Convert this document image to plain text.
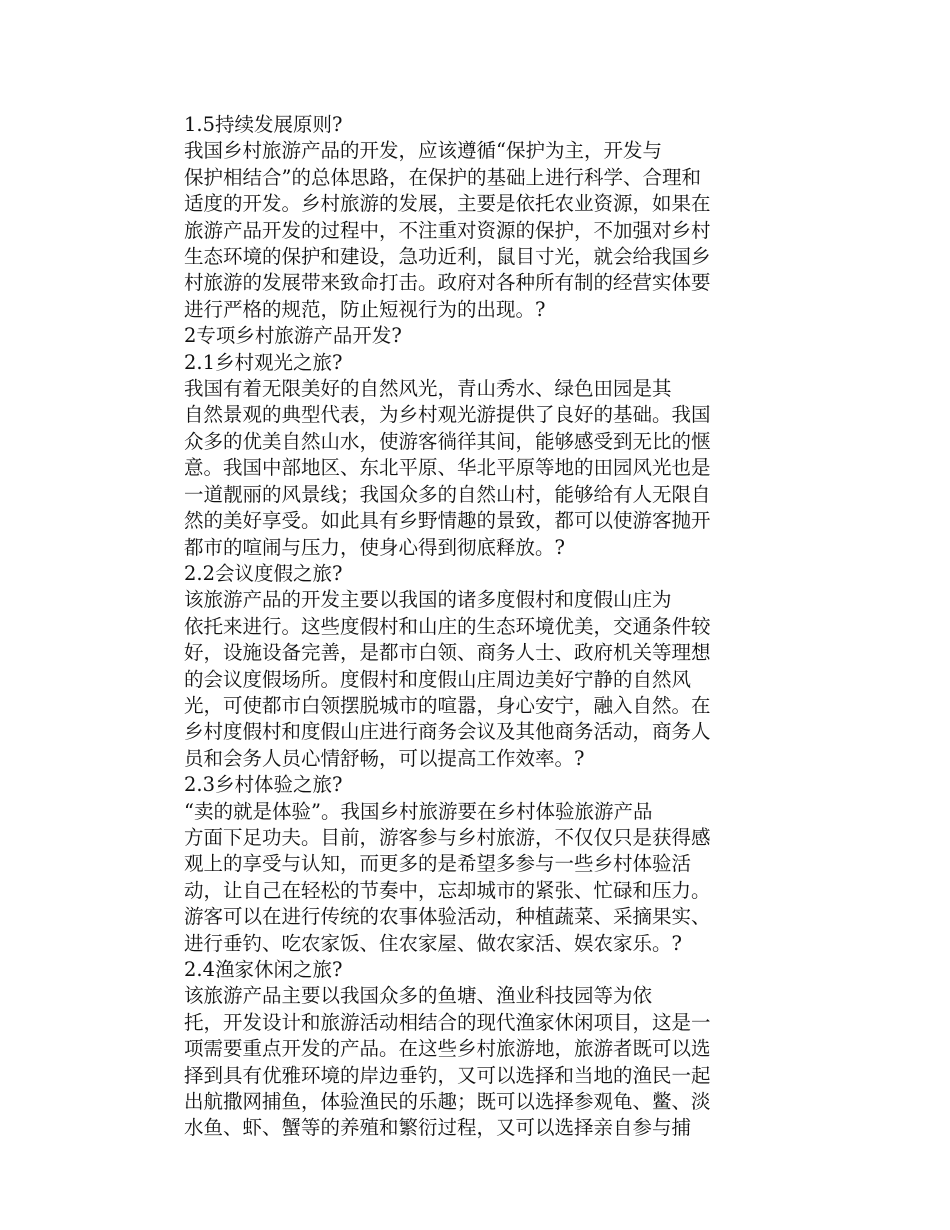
1.5持续发展原则?

我国乡村旅游产品的开发，应该遵循“保护为主，开发与
保护相结合”的总体思路，在保护的基础上进行科学、合理和
适度的开发。乡村旅游的发展，主要是依托农业资源，如果在
旅游产品开发的过程中，不注重对资源的保护，不加强对乡村
生态环境的保护和建设，急功近利，鼠目寸光，就会给我国乡
村旅游的发展带来致命打击。政府对各种所有制的经营实体要
进行严格的规范，防止短视行为的出现。?

2专项乡村旅游产品开发?

2.1乡村观光之旅?

我国有着无限美好的自然风光，青山秀水、绿色田园是其
自然景观的典型代表，为乡村观光游提供了良好的基础。我国
众多的优美自然山水，使游客徜徉其间，能够感受到无比的惬
意。我国中部地区、东北平原、华北平原等地的田园风光也是
一道靓丽的风景线；我国众多的自然山村，能够给有人无限自
然的美好享受。如此具有乡野情趣的景致，都可以使游客抛开
都市的喧闹与压力，使身心得到彻底释放。?

2.2会议度假之旅?

该旅游产品的开发主要以我国的诸多度假村和度假山庄为
依托来进行。这些度假村和山庄的生态环境优美，交通条件较
好，设施设备完善，是都市白领、商务人士、政府机关等理想
的会议度假场所。度假村和度假山庄周边美好宁静的自然风
光，可使都市白领摆脱城市的喧嚣，身心安宁，融入自然。在
乡村度假村和度假山庄进行商务会议及其他商务活动，商务人
员和会务人员心情舒畅，可以提高工作效率。?

2.3乡村体验之旅?

“卖的就是体验”。我国乡村旅游要在乡村体验旅游产品
方面下足功夫。目前，游客参与乡村旅游，不仅仅只是获得感
观上的享受与认知，而更多的是希望多参与一些乡村体验活
动，让自己在轻松的节奏中，忘却城市的紧张、忙碌和压力。
游客可以在进行传统的农事体验活动，种植蔬菜、采摘果实、
进行垂钓、吃农家饭、住农家屋、做农家活、娱农家乐。?

2.4渔家休闲之旅?

该旅游产品主要以我国众多的鱼塘、渔业科技园等为依
托，开发设计和旅游活动相结合的现代渔家休闲项目，这是一
项需要重点开发的产品。在这些乡村旅游地，旅游者既可以选
择到具有优雅环境的岸边垂钓，又可以选择和当地的渔民一起
出航撒网捕鱼，体验渔民的乐趣；既可以选择参观龟、鳖、淡
水鱼、虾、蟹等的养殖和繁衍过程，又可以选择亲自参与捕
